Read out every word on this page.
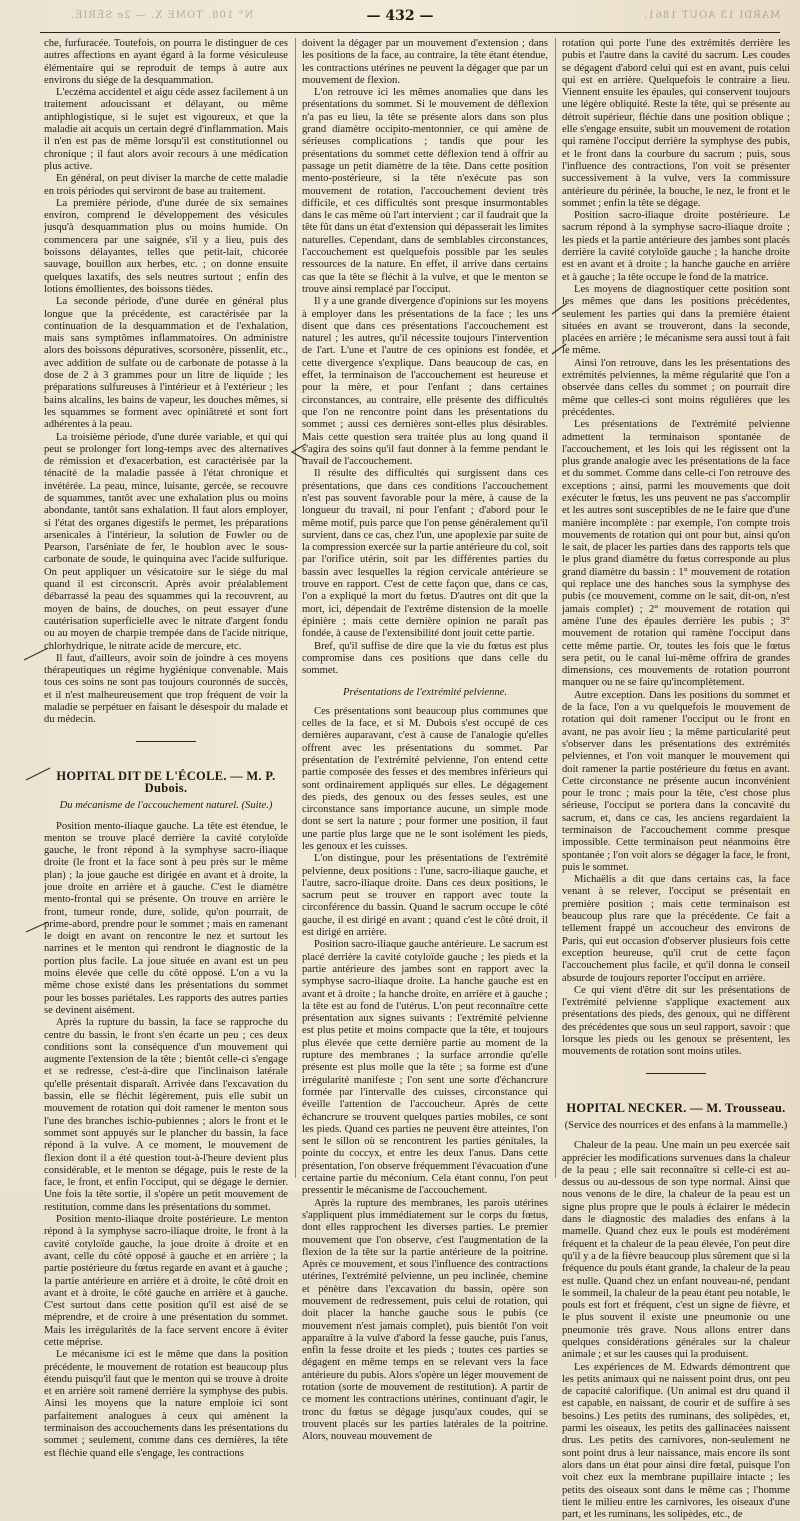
N° 108. TOME X. — 2e SÉRIE.	— 432 —	MARDI 13 AOUT 1861.

che, furfuracée. Toutefois, on pourra le distinguer de ces autres affections en ayant égard à la forme vésiculeuse élémentaire qui se reproduit de temps à autre aux environs du siége de la desquammation.

L'eczéma accidentel et aigu cède assez facilement à un traitement adoucissant et délayant, ou même antiphlogistique, si le sujet est vigoureux, et que la maladie ait acquis un certain degré d'inflammation. Mais il n'en est pas de même lorsqu'il est constitutionnel ou chronique ; il faut alors avoir recours à une médication plus active.

En général, on peut diviser la marche de cette maladie en trois périodes qui serviront de base au traitement.

La première période, d'une durée de six semaines environ, comprend le développement des vésicules jusqu'à desquammation plus ou moins humide. On commencera par une saignée, s'il y a lieu, puis des boissons délayantes, telles que petit-lait, chicorée sauvage, bouillon aux herbes, etc. ; on donne ensuite quelques laxatifs, des sels neutres surtout ; enfin des lotions émollientes, des boissons tièdes.

La seconde période, d'une durée en général plus longue que la précédente, est caractérisée par la continuation de la desquammation et de l'exhalation, mais sans symptômes inflammatoires. On administre alors des boissons dépuratives, scorsonère, pissenlit, etc., avec addition de sulfate ou de carbonate de potasse à la dose de 2 à 3 grammes pour un litre de liquide ; les préparations sulfureuses à l'intérieur et à l'extérieur ; les bains alcalins, les bains de vapeur, les douches mêmes, si les squammes se forment avec opiniâtreté et sont fort adhérentes à la peau.

La troisième période, d'une durée variable, et qui qui peut se prolonger fort long-temps avec des alternatives de rémission et d'exacerbation, est caractérisée par la ténacité de la maladie passée à l'état chronique et invétérée. La peau, mince, luisante, gercée, se recouvre de squammes, tantôt avec une exhalation plus ou moins abondante, tantôt sans exhalation. Il faut alors employer, si l'état des organes digestifs le permet, les préparations arsenicales à l'intérieur, la solution de Fowler ou de Pearson, l'arséniate de fer, le houblon avec le sous-carbonate de soude, le quinquina avec l'acide sulfurique. On peut appliquer un vésicatoire sur le siége du mal quand il est circonscrit. Après avoir préalablement débarrassé la peau des squammes qui la recouvrent, au moyen de bains, de douches, on peut essayer d'une cautérisation superficielle avec le nitrate d'argent fondu ou au moyen de charpie trempée dans de l'acide nitrique, chlorhydrique, le nitrate acide de mercure, etc.

Il faut, d'ailleurs, avoir soin de joindre à ces moyens thérapeutiques un régime hygiénique convenable. Mais tous ces soins ne sont pas toujours couronnés de succès, et il n'est malheureusement que trop fréquent de voir la maladie se perpétuer en faisant le désespoir du malade et du médecin.

HOPITAL DIT DE L'ÉCOLE. — M. P. Dubois.
Du mécanisme de l'accouchement naturel. (Suite.)

Position mento-iliaque gauche. La tête est étendue, le menton se trouve placé derrière la cavité cotyloïde gauche, le front répond à la symphyse sacro-iliaque droite (le front et la face sont à peu près sur le même plan) ; la joue gauche est dirigée en avant et à droite, la joue droite en arrière et à gauche. C'est le diamètre mento-frontal qui se présente. On trouve en arrière le front, tumeur ronde, dure, solide, qu'on pourrait, de prime-abord, prendre pour le sommet ; mais en ramenant le doigt en avant on rencontre le nez et surtout les narrines et le menton qui rendront le diagnostic de la portion plus facile. La joue située en avant est un peu moins élevée que celle du côté opposé. L'on a vu la même chose existé dans les présentations du sommet pour les bosses pariétales. Les rapports des autres parties se devinent aisément.

Après la rupture du bassin, la face se rapproche du centre du bassin, le front s'en écarte un peu ; ces deux conditions sont la conséquence d'un mouvement qui augmente l'extension de la tête ; bientôt celle-ci s'engage et se redresse, c'est-à-dire que l'inclinaison latérale qu'elle présentait disparaît. Arrivée dans l'excavation du bassin, elle se fléchit légèrement, puis elle subit un mouvement de rotation qui doit ramener le menton sous l'une des branches ischio-pubiennes ; alors le front et le sommet sont appuyés sur le plancher du bassin, la face répond à la vulve. A ce moment, le mouvement de flexion dont il a été question tout-à-l'heure devient plus considérable, et le menton se dégage, puis le reste de la face, le front, et enfin l'occiput, qui se dégage le dernier. Une fois la tête sortie, il s'opère un petit mouvement de restitution, comme dans les présentations du sommet.

Position mento-iliaque droite postérieure. Le menton répond à la symphyse sacro-iliaque droite, le front à la cavité cotyloïde gauche, la joue droite à droite et en avant, celle du côté opposé à gauche et en arrière ; la partie postérieure du fœtus regarde en avant et à gauche ; la partie antérieure en arrière et à droite, le côté droit en avant et à droite, le côté gauche en arrière et à gauche. C'est surtout dans cette position qu'il est aisé de se méprendre, et de croire à une présentation du sommet. Mais les irrégularités de la face servent encore à éviter cette méprise.

Le mécanisme ici est le même que dans la position précédente, le mouvement de rotation est beaucoup plus étendu puisqu'il faut que le menton qui se trouve à droite et en arrière soit ramené derrière la symphyse des pubis. Ainsi les moyens que la nature emploie ici sont parfaitement analogues à ceux qui amènent la terminaison des accouchements dans les présentations du sommet ; seulement, comme dans ces dernières, la tête est fléchie quand elle s'engage, les contractions

doivent la dégager par un mouvement d'extension ; dans les positions de la face, au contraire, la tête étant étendue, les contractions utérines ne peuvent la dégager que par un mouvement de flexion.

L'on retrouve ici les mêmes anomalies que dans les présentations du sommet. Si le mouvement de déflexion n'a pas eu lieu, la tête se présente alors dans son plus grand diamètre occipito-mentonnier, ce qui amène de sérieuses complications ; tandis que pour les présentations du sommet cette déflexion tend à offrir au passage un petit diamètre de la tête. Dans cette position mento-postérieure, si la tête n'exécute pas son mouvement de rotation, l'accouchement devient très difficile, et ces difficultés sont presque insurmontables dans le cas même où l'art intervient ; car il faudrait que la tête fût dans un état d'extension qui dépasserait les limites naturelles. Cependant, dans de semblables circonstances, l'accouchement est quelquefois possible par les seules ressources de la nature. En effet, il arrive dans certains cas que la tête se fléchit à la vulve, et que le menton se trouve ainsi remplacé par l'occiput.

Il y a une grande divergence d'opinions sur les moyens à employer dans les présentations de la face ; les uns disent que dans ces présentations l'accouchement est naturel ; les autres, qu'il nécessite toujours l'intervention de l'art. L'une et l'autre de ces opinions est fondée, et cette divergence s'explique. Dans beaucoup de cas, en effet, la terminaison de l'accouchement est heureuse et pour la mère, et pour l'enfant ; dans certaines circonstances, au contraire, elle présente des difficultés que l'on ne rencontre point dans les présentations du sommet ; aussi ces dernières sont-elles plus désirables. Mais cette question sera traitée plus au long quand il s'agira des soins qu'il faut donner à la femme pendant le travail de l'accouchement.

Il résulte des difficultés qui surgissent dans ces présentations, que dans ces conditions l'accouchement n'est pas souvent favorable pour la mère, à cause de la longueur du travail, ni pour l'enfant ; d'abord pour le même motif, puis parce que l'on pense généralement qu'il survient, dans ce cas, chez l'un, une apoplexie par suite de la compression exercée sur la partie antérieure du col, soit par l'orifice utérin, soit par les différentes parties du bassin avec lesquelles la région cervicale antérieure se trouve en rapport. C'est de cette façon que, dans ce cas, l'on a expliqué la mort du fœtus. D'autres ont dit que la mort, ici, dépendait de l'extrême distension de la moelle épinière ; mais cette dernière opinion ne paraît pas fondée, à cause de l'extensibilité dont jouit cette partie.

Bref, qu'il suffise de dire que la vie du fœtus est plus compromise dans ces positions que dans celle du sommet.

Présentations de l'extrémité pelvienne.

Ces présentations sont beaucoup plus communes que celles de la face, et si M. Dubois s'est occupé de ces dernières auparavant, c'est à cause de l'analogie qu'elles offrent avec les présentations du sommet. Par présentation de l'extrémité pelvienne, l'on entend cette partie composée des fesses et des membres inférieurs qui sont ordinairement appliqués sur elles. Le dégagement des pieds, des genoux ou des fesses seules, est une circonstance sans importance aucune, un simple mode dont se sert la nature ; pour former une position, il faut une partie plus large que ne le sont isolément les pieds, les genoux et les cuisses.

L'on distingue, pour les présentations de l'extrémité pelvienne, deux positions : l'une, sacro-iliaque gauche, et l'autre, sacro-iliaque droite. Dans ces deux positions, le sacrum peut se trouver en rapport avec toute la circonférence du bassin. Quand le sacrum occupe le côté gauche, il est dirigé en avant ; quand c'est le côté droit, il est dirigé en arrière.

Position sacro-iliaque gauche antérieure. Le sacrum est placé derrière la cavité cotyloïde gauche ; les pieds et la partie antérieure des jambes sont en rapport avec la symphyse sacro-iliaque droite. La hanche gauche est en avant et à droite ; la hanche droite, en arrière et à gauche ; la tête est au fond de l'utérus. L'on peut reconnaître cette présentation aux signes suivants : l'extrémité pelvienne est plus petite et moins compacte que la tête, et toujours plus élevée que cette dernière partie au moment de la rupture des membranes ; la surface arrondie qu'elle présente est plus molle que la tête ; sa forme est d'une irrégularité manifeste ; l'on sent une sorte d'échancrure formée par l'intervalle des cuisses, circonstance qui éveille l'attention de l'accoucheur. Après de cette échancrure se trouvent quelques parties mobiles, ce sont les pieds. Quand ces parties ne peuvent être atteintes, l'on sent le sillon où se rencontrent les parties génitales, la pointe du coccyx, et entre les deux l'anus. Dans cette présentation, l'on observe fréquemment l'évacuation d'une certaine partie du méconium. Cela étant connu, l'on peut pressentir le mécanisme de l'accouchement.

Après la rupture des membranes, les parois utérines s'appliquent plus immédiatement sur le corps du fœtus, dont elles rapprochent les diverses parties. Le premier mouvement que l'on observe, c'est l'augmentation de la flexion de la tête sur la partie antérieure de la poitrine. Après ce mouvement, et sous l'influence des contractions utérines, l'extrémité pelvienne, un peu inclinée, chemine et pénètre dans l'excavation du bassin, opère son mouvement de redressement, puis celui de rotation, qui doit placer la hanche gauche sous le pubis (ce mouvement n'est jamais complet), puis bientôt l'on voit apparaître à la vulve d'abord la fesse gauche, puis l'anus, enfin la fesse droite et les pieds ; toutes ces parties se dégagent en même temps en se relevant vers la face antérieure du pubis. Alors s'opère un léger mouvement de rotation (sorte de mouvement de restitution). A partir de ce moment les contractions utérines, continuant d'agir, le tronc du fœtus se dégage jusqu'aux coudes, qui se trouvent placés sur les parties latérales de la poitrine. Alors, nouveau mouvement de

rotation qui porte l'une des extrémités derrière les pubis et l'autre dans la cavité du sacrum. Les coudes se dégagent d'abord celui qui est en avant, puis celui qui est en arrière. Quelquefois le contraire a lieu. Viennent ensuite les épaules, qui conservent toujours une légère obliquité. Reste la tête, qui se présente au détroit supérieur, fléchie dans une position oblique ; elle s'engage ensuite, subit un mouvement de rotation qui ramène l'occiput derrière la symphyse des pubis, et le front dans la courbure du sacrum ; puis, sous l'influence des contractions, l'on voit se présenter successivement à la vulve, vers la commissure antérieure du périnée, la bouche, le nez, le front et le sommet ; enfin la tête se dégage.

Position sacro-iliaque droite postérieure. Le sacrum répond à la symphyse sacro-iliaque droite ; les pieds et la partie antérieure des jambes sont placés derrière la cavité cotyloïde gauche ; la hanche droite est en avant et à droite ; la hanche gauche en arrière et à gauche ; la tête occupe le fond de la matrice.

Les moyens de diagnostiquer cette position sont les mêmes que dans les positions précédentes, seulement les parties qui dans la première étaient situées en avant se trouveront, dans la seconde, placées en arrière ; le mécanisme sera aussi tout à fait le même.

Ainsi l'on retrouve, dans les les présentations des extrémités pelviennes, la même régularité que l'on a observée dans celles du sommet ; on pourrait dire même que celles-ci sont moins régulières que les précédentes.

Les présentations de l'extrémité pelvienne admettent la terminaison spontanée de l'accouchement, et les lois qui les régissent ont la plus grande analogie avec les présentations de la face et du sommet. Comme dans celle-ci l'on retrouve des exceptions ; ainsi, parmi les mouvements que doit exécuter le fœtus, les uns peuvent ne pas s'accomplir et les autres sont susceptibles de ne le faire que d'une manière incomplète : par exemple, l'on compte trois mouvements de rotation qui ont pour but, ainsi qu'on le sait, de placer les parties dans des rapports tels que le plus grand diamètre du fœtus corresponde au plus grand diamètre du bassin : 1° mouvement de rotation qui replace une des hanches sous la symphyse des pubis (ce mouvement, comme on le sait, dit-on, n'est jamais complet) ; 2° mouvement de rotation qui amène l'une des épaules derrière les pubis ; 3° mouvement de rotation qui ramène l'occiput dans cette même partie. Or, toutes les fois que le fœtus sera petit, ou le canal lui-même offrira de grandes dimensions, ces mouvements de rotation pourront manquer ou ne se faire qu'incomplètement.

Autre exception. Dans les positions du sommet et de la face, l'on a vu quelquefois le mouvement de rotation qui doit ramener l'occiput ou le front en avant, ne pas avoir lieu ; la même particularité peut s'observer dans les présentations des extrémités pelviennes, et l'on voit manquer le mouvement qui doit ramener la partie postérieure du fœtus en avant. Cette circonstance ne présente aucun inconvénient pour le tronc ; mais pour la tête, c'est chose plus sérieuse, l'occiput se portera dans la concavité du sacrum, et, dans ce cas, les anciens regardaient la terminaison de l'accouchement comme presque impossible. Cette terminaison peut néanmoins être spontanée ; l'on voit alors se dégager la face, le front, puis le sommet.

Michaëlis a dit que dans certains cas, la face venant à se relever, l'occiput se présentait en première position ; mais cette terminaison est beaucoup plus rare que la précédente. Ce fait a tellement frappé un accoucheur des environs de Paris, qui eut occasion d'observer plusieurs fois cette exception heureuse, qu'il crut de cette façon l'accouchement plus facile, et qu'il donna le conseil absurde de toujours reporter l'occiput en arrière.

Ce qui vient d'être dit sur les présentations de l'extrémité pelvienne s'applique exactement aux présentations des pieds, des genoux, qui ne diffèrent des précédentes que sous un seul rapport, savoir : que lorsque les pieds ou les genoux se présentent, les mouvements de rotation sont moins utiles.

HOPITAL NECKER. — M. Trousseau.
(Service des nourrices et des enfans à la mammelle.)

Chaleur de la peau. Une main un peu exercée sait apprécier les modifications survenues dans la chaleur de la peau ; elle sait reconnaître si celle-ci est au-dessus ou au-dessous de son type normal. Ainsi que nous venons de le dire, la chaleur de la peau est un signe plus propre que le pouls à éclairer le médecin dans le diagnostic des maladies des enfans à la mamelle. Quand chez eux le pouls est modérément fréquent et la chaleur de la peau élevée, l'on peut dire qu'il y a de la fièvre beaucoup plus sûrement que si la fréquence du pouls étant grande, la chaleur de la peau est nulle. Quand chez un enfant nouveau-né, pendant le sommeil, la chaleur de la peau étant peu notable, le pouls est fort et fréquent, c'est un signe de fièvre, et le plus souvent il existe une pneumonie ou une pneumonie très grave. Nous allons entrer dans quelques considérations générales sur la chaleur animale ; et sur les causes qui la produisent.

Les expériences de M. Edwards démontrent que les petits animaux qui ne naissent point drus, ont peu de capacité calorifique. (Un animal est dru quand il est capable, en naissant, de courir et de suffire à ses besoins.) Les petits des ruminans, des solipèdes, et, parmi les oiseaux, les petits des gallinacées naissent drus. Les petits des carnivores, non-seulement ne sont point drus à leur naissance, mais encore ils sont alors dans un état pour ainsi dire fœtal, puisque l'on voit chez eux la membrane pupillaire intacte ; les petits des oiseaux sont dans le même cas ; l'homme tient le milieu entre les carnivores, les oiseaux d'une part, et les ruminans, les solipèdes, etc., de
